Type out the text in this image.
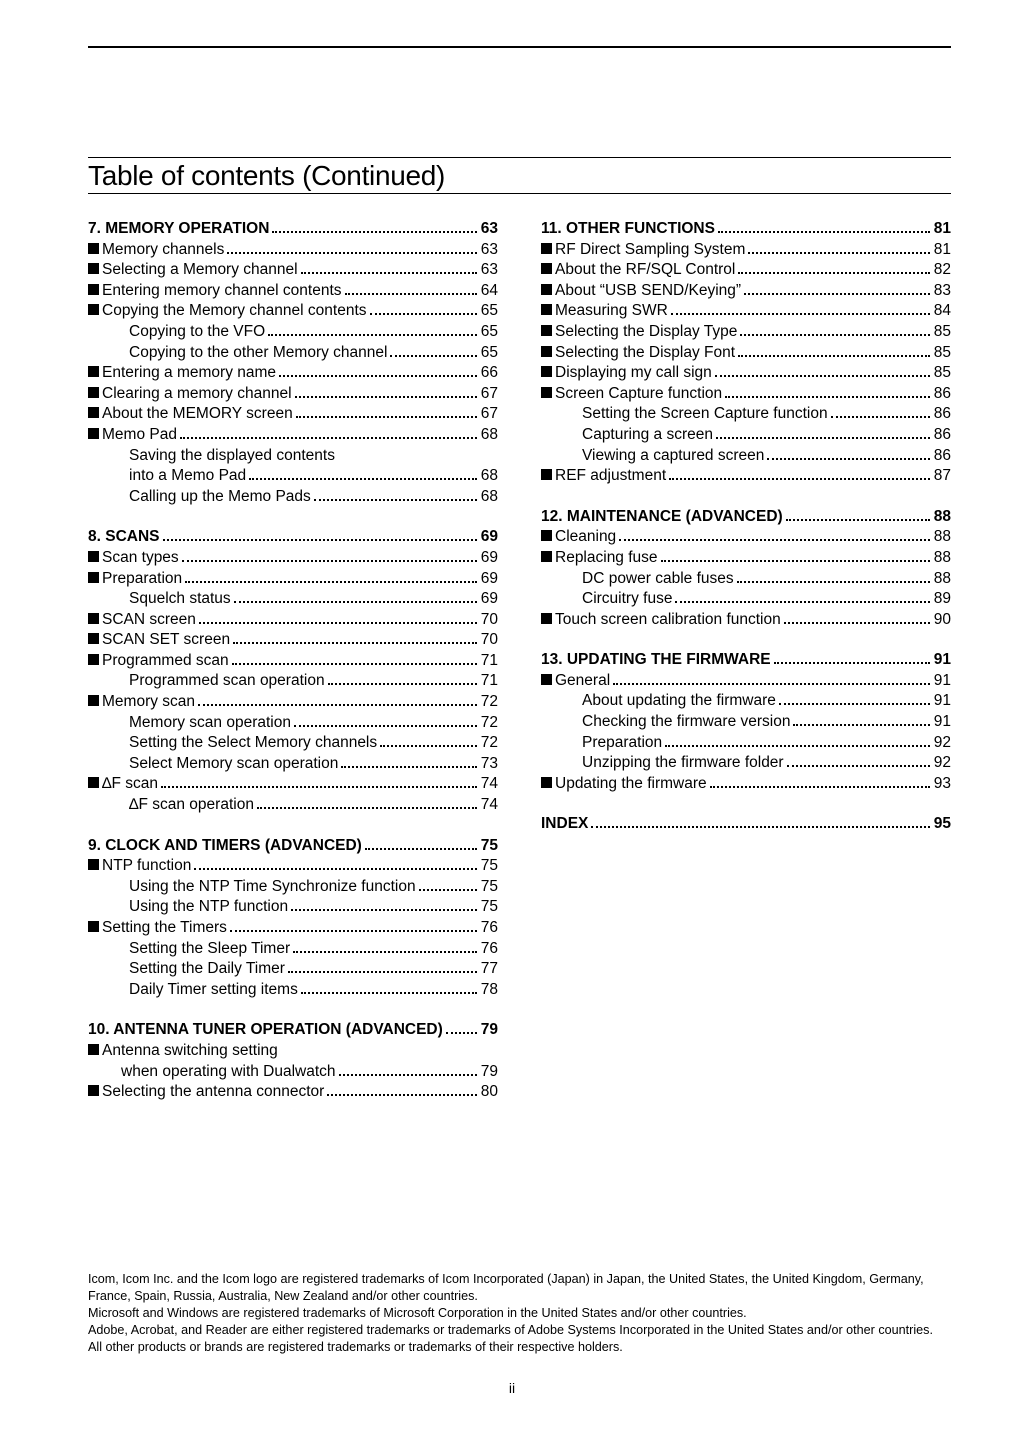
Table of contents (Continued)
7. MEMORY OPERATION	63
Memory channels	63
Selecting a Memory channel	63
Entering memory channel contents	64
Copying the Memory channel contents	65
Copying to the VFO	65
Copying to the other Memory channel	65
Entering a memory name	66
Clearing a memory channel	67
About the MEMORY screen	67
Memo Pad	68
Saving the displayed contents
into a Memo Pad	68
Calling up the Memo Pads	68
8. SCANS	69
Scan types	69
Preparation	69
Squelch status	69
SCAN screen	70
SCAN SET screen	70
Programmed scan	71
Programmed scan operation	71
Memory scan	72
Memory scan operation	72
Setting the Select Memory channels	72
Select Memory scan operation	73
∆F scan	74
∆F scan operation	74
9. CLOCK AND TIMERS (ADVANCED)	75
NTP function	75
Using the NTP Time Synchronize function	75
Using the NTP function	75
Setting the Timers	76
Setting the Sleep Timer	76
Setting the Daily Timer	77
Daily Timer setting items	78
10. ANTENNA TUNER OPERATION (ADVANCED) 79
Antenna switching setting
when operating with Dualwatch	79
Selecting the antenna connector	80
11. OTHER FUNCTIONS	81
RF Direct Sampling System	81
About the RF/SQL Control	82
About “USB SEND/Keying”	83
Measuring SWR	84
Selecting the Display Type	85
Selecting the Display Font	85
Displaying my call sign	85
Screen Capture function	86
Setting the Screen Capture function	86
Capturing a screen	86
Viewing a captured screen	86
REF adjustment	87
12. MAINTENANCE (ADVANCED)	88
Cleaning	88
Replacing fuse	88
DC power cable fuses	88
Circuitry fuse	89
Touch screen calibration function	90
13. UPDATING THE FIRMWARE	91
General	91
About updating the firmware	91
Checking the firmware version	91
Preparation	92
Unzipping the firmware folder	92
Updating the firmware	93
INDEX	95

Icom, Icom Inc. and the Icom logo are registered trademarks of Icom Incorporated (Japan) in Japan, the United States, the United Kingdom, Germany, France, Spain, Russia, Australia, New Zealand and/or other countries.

Microsoft and Windows are registered trademarks of Microsoft Corporation in the United States and/or other countries.

Adobe, Acrobat, and Reader are either registered trademarks or trademarks of Adobe Systems Incorporated in the United States and/or other countries.

All other products or brands are registered trademarks or trademarks of their respective holders.

ii
